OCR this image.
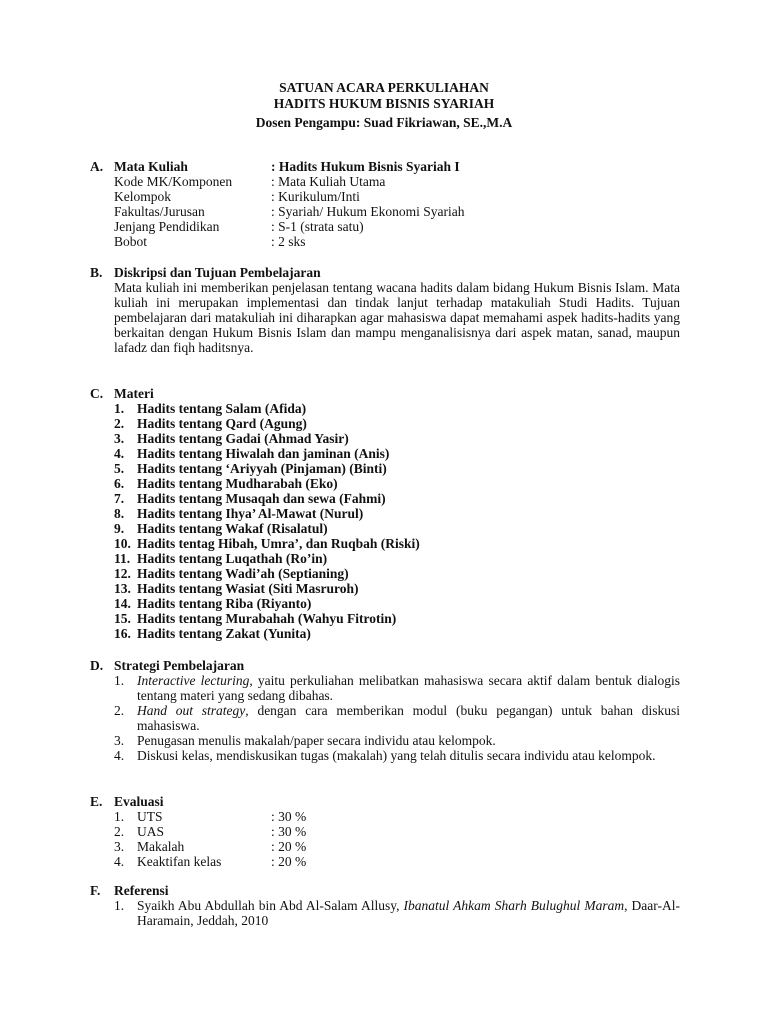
SATUAN ACARA PERKULIAHAN
HADITS HUKUM BISNIS SYARIAH
Dosen Pengampu: Suad Fikriawan, SE.,M.A
A. Mata Kuliah	: Hadits Hukum Bisnis Syariah I
Kode MK/Komponen	: Mata Kuliah Utama
Kelompok	: Kurikulum/Inti
Fakultas/Jurusan	: Syariah/ Hukum Ekonomi Syariah
Jenjang Pendidikan	: S-1 (strata satu)
Bobot	: 2 sks
B. Diskripsi dan Tujuan Pembelajaran

Mata kuliah ini memberikan penjelasan tentang wacana hadits dalam bidang Hukum Bisnis Islam. Mata kuliah ini merupakan implementasi dan tindak lanjut terhadap matakuliah Studi Hadits. Tujuan pembelajaran dari matakuliah ini diharapkan agar mahasiswa dapat memahami aspek hadits-hadits yang berkaitan dengan Hukum Bisnis Islam dan mampu menganalisisnya dari aspek matan, sanad, maupun lafadz dan fiqh haditsnya.

C. Materi
1. Hadits tentang Salam (Afida)
2. Hadits tentang Qard (Agung)
3. Hadits tentang Gadai (Ahmad Yasir)
4. Hadits tentang Hiwalah dan jaminan (Anis)
5. Hadits tentang ‘Ariyyah (Pinjaman) (Binti)
6. Hadits tentang Mudharabah (Eko)
7. Hadits tentang Musaqah dan sewa (Fahmi)
8. Hadits tentang Ihya’ Al-Mawat (Nurul)
9. Hadits tentang Wakaf (Risalatul)
10. Hadits tentag Hibah, Umra’, dan Ruqbah (Riski)
11. Hadits tentang Luqathah (Ro’in)
12. Hadits tentang Wadi’ah (Septianing)
13. Hadits tentang Wasiat (Siti Masruroh)
14. Hadits tentang Riba (Riyanto)
15. Hadits tentang Murabahah (Wahyu Fitrotin)
16. Hadits tentang Zakat (Yunita)
D. Strategi Pembelajaran
1. Interactive lecturing, yaitu perkuliahan melibatkan mahasiswa secara aktif dalam bentuk dialogis tentang materi yang sedang dibahas.
2. Hand out strategy, dengan cara memberikan modul (buku pegangan) untuk bahan diskusi mahasiswa.
3. Penugasan menulis makalah/paper secara individu atau kelompok.
4. Diskusi kelas, mendiskusikan tugas (makalah) yang telah ditulis secara individu atau kelompok.
E. Evaluasi
1. UTS	: 30 %
2. UAS	: 30 %
3. Makalah	: 20 %
4. Keaktifan kelas	: 20 %
F. Referensi
1. Syaikh Abu Abdullah bin Abd Al-Salam Allusy, Ibanatul Ahkam Sharh Bulughul Maram, Daar-Al-Haramain, Jeddah, 2010
